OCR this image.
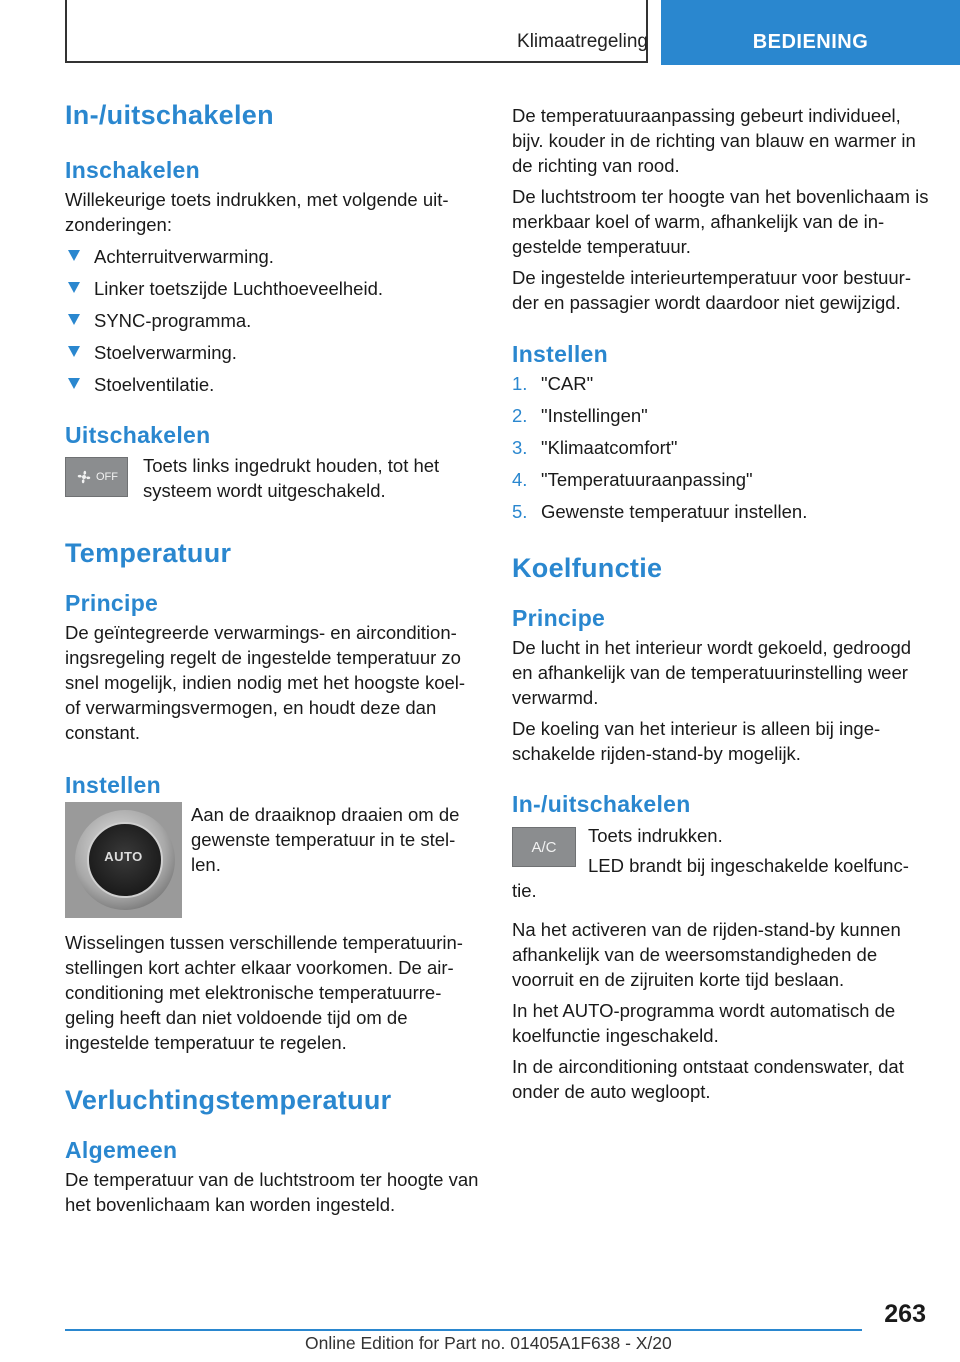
Klimaatregeling	BEDIENING
In-/uitschakelen
Inschakelen

Willekeurige toets indrukken, met volgende uit-zonderingen:

Achterruitverwarming.
Linker toetszijde Luchthoeveelheid.
SYNC-programma.
Stoelverwarming.
Stoelventilatie.
Uitschakelen
OFF

Toets links ingedrukt houden, tot het systeem wordt uitgeschakeld.

Temperatuur
Principe

De geïntegreerde verwarmings- en aircondition-ingsregeling regelt de ingestelde temperatuur zo snel mogelijk, indien nodig met het hoogste koel- of verwarmingsvermogen, en houdt deze dan constant.

Instellen
AUTO

Aan de draaiknop draaien om de gewenste temperatuur in te stel-len.

Wisselingen tussen verschillende temperatuurin-stellingen kort achter elkaar voorkomen. De air-conditioning met elektronische temperatuurre-geling heeft dan niet voldoende tijd om de ingestelde temperatuur te regelen.

Verluchtingstemperatuur
Algemeen

De temperatuur van de luchtstroom ter hoogte van het bovenlichaam kan worden ingesteld.

De temperatuuraanpassing gebeurt individueel, bijv. kouder in de richting van blauw en warmer in de richting van rood.

De luchtstroom ter hoogte van het bovenlichaam is merkbaar koel of warm, afhankelijk van de in-gestelde temperatuur.

De ingestelde interieurtemperatuur voor bestuur-der en passagier wordt daardoor niet gewijzigd.

Instellen
1. "CAR"
2. "Instellingen"
3. "Klimaatcomfort"
4. "Temperatuuraanpassing"
5. Gewenste temperatuur instellen.
Koelfunctie
Principe

De lucht in het interieur wordt gekoeld, gedroogd en afhankelijk van de temperatuurinstelling weer verwarmd.

De koeling van het interieur is alleen bij inge-schakelde rijden-stand-by mogelijk.

In-/uitschakelen
A/C

Toets indrukken.

LED brandt bij ingeschakelde koelfunc-tie.

Na het activeren van de rijden-stand-by kunnen afhankelijk van de weersomstandigheden de voorruit en de zijruiten korte tijd beslaan.

In het AUTO-programma wordt automatisch de koelfunctie ingeschakeld.

In de airconditioning ontstaat condenswater, dat onder de auto wegloopt.

263
Online Edition for Part no. 01405A1F638 - X/20
